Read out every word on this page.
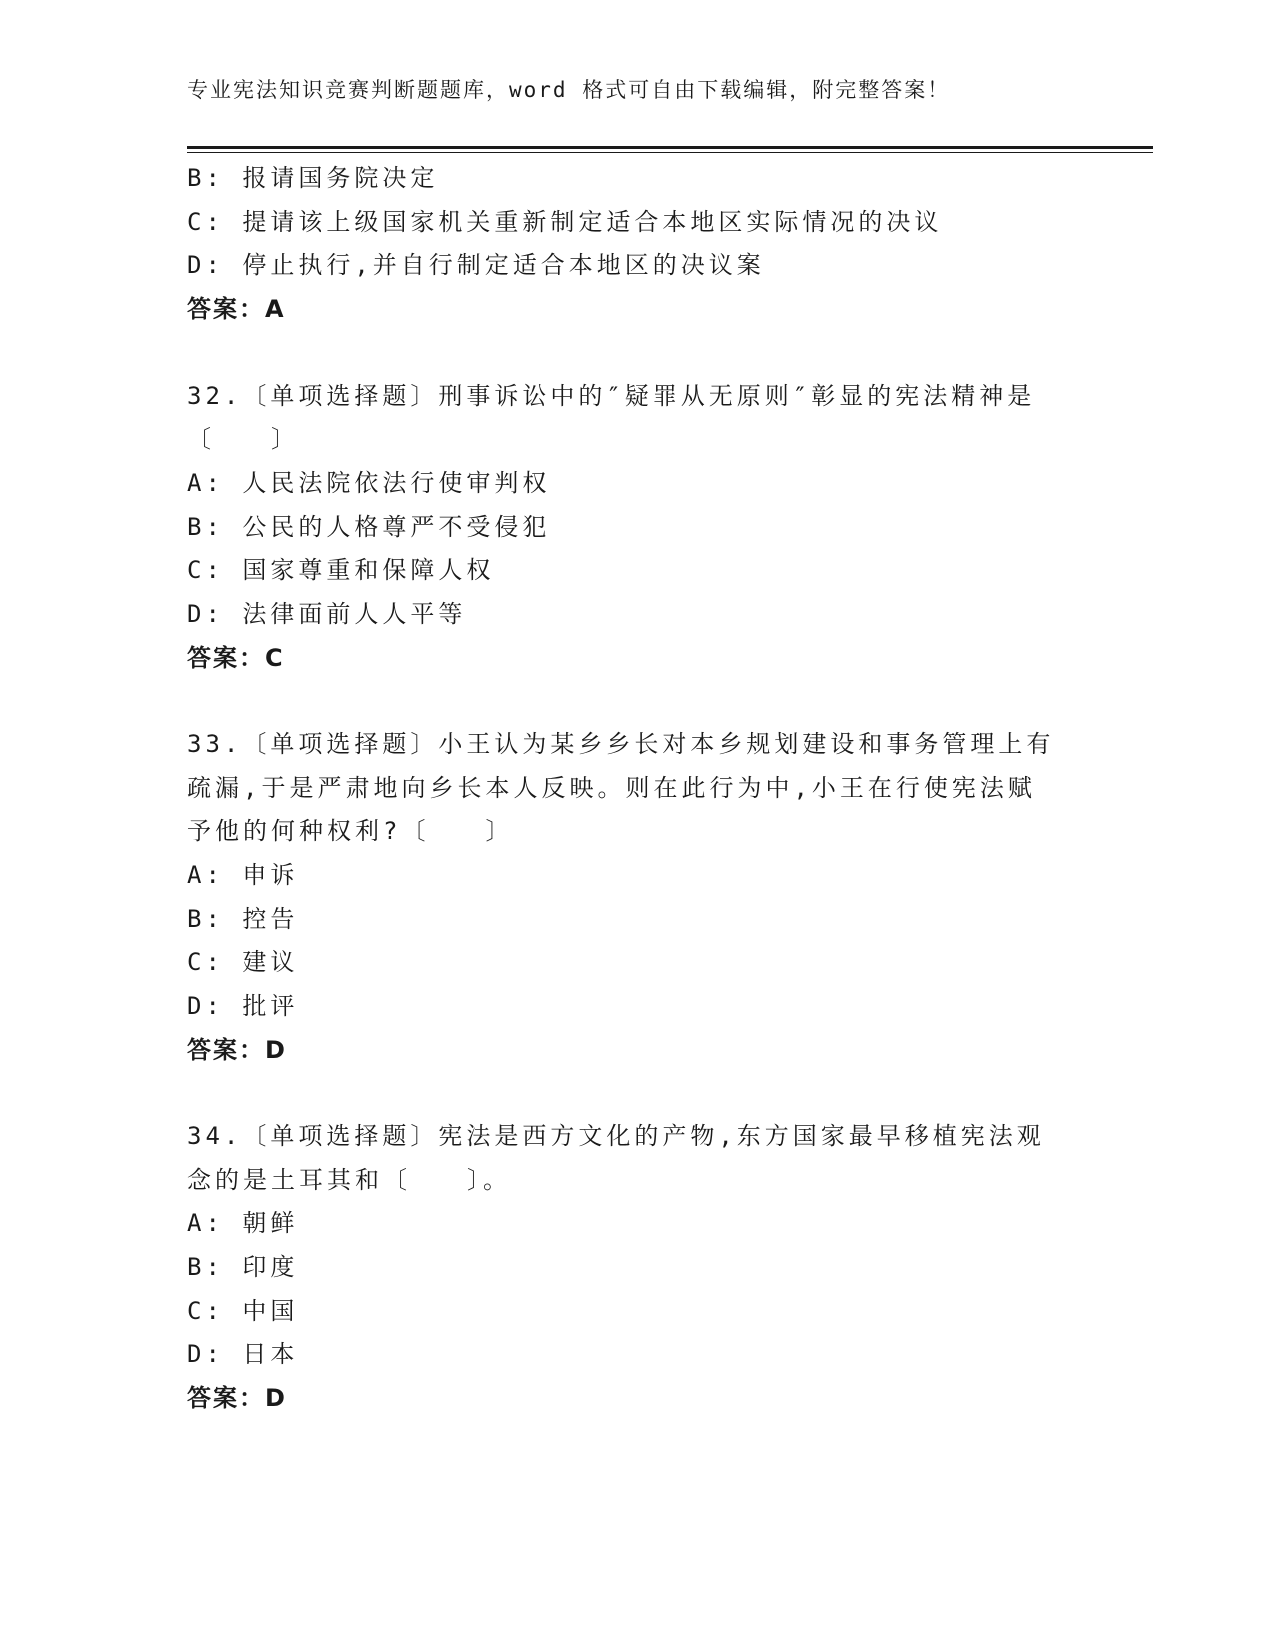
专业宪法知识竞赛判断题题库，word 格式可自由下载编辑，附完整答案！
B: 报请国务院决定
C: 提请该上级国家机关重新制定适合本地区实际情况的决议
D: 停止执行,并自行制定适合本地区的决议案
答案：A
32.〔单项选择题〕刑事诉讼中的″疑罪从无原则″彰显的宪法精神是
〔　　〕
A: 人民法院依法行使审判权
B: 公民的人格尊严不受侵犯
C: 国家尊重和保障人权
D: 法律面前人人平等
答案：C
33.〔单项选择题〕小王认为某乡乡长对本乡规划建设和事务管理上有
疏漏,于是严肃地向乡长本人反映。则在此行为中,小王在行使宪法赋
予他的何种权利?〔　　〕
A: 申诉
B: 控告
C: 建议
D: 批评
答案：D
34.〔单项选择题〕宪法是西方文化的产物,东方国家最早移植宪法观
念的是土耳其和〔　　〕。
A: 朝鲜
B: 印度
C: 中国
D: 日本
答案：D
